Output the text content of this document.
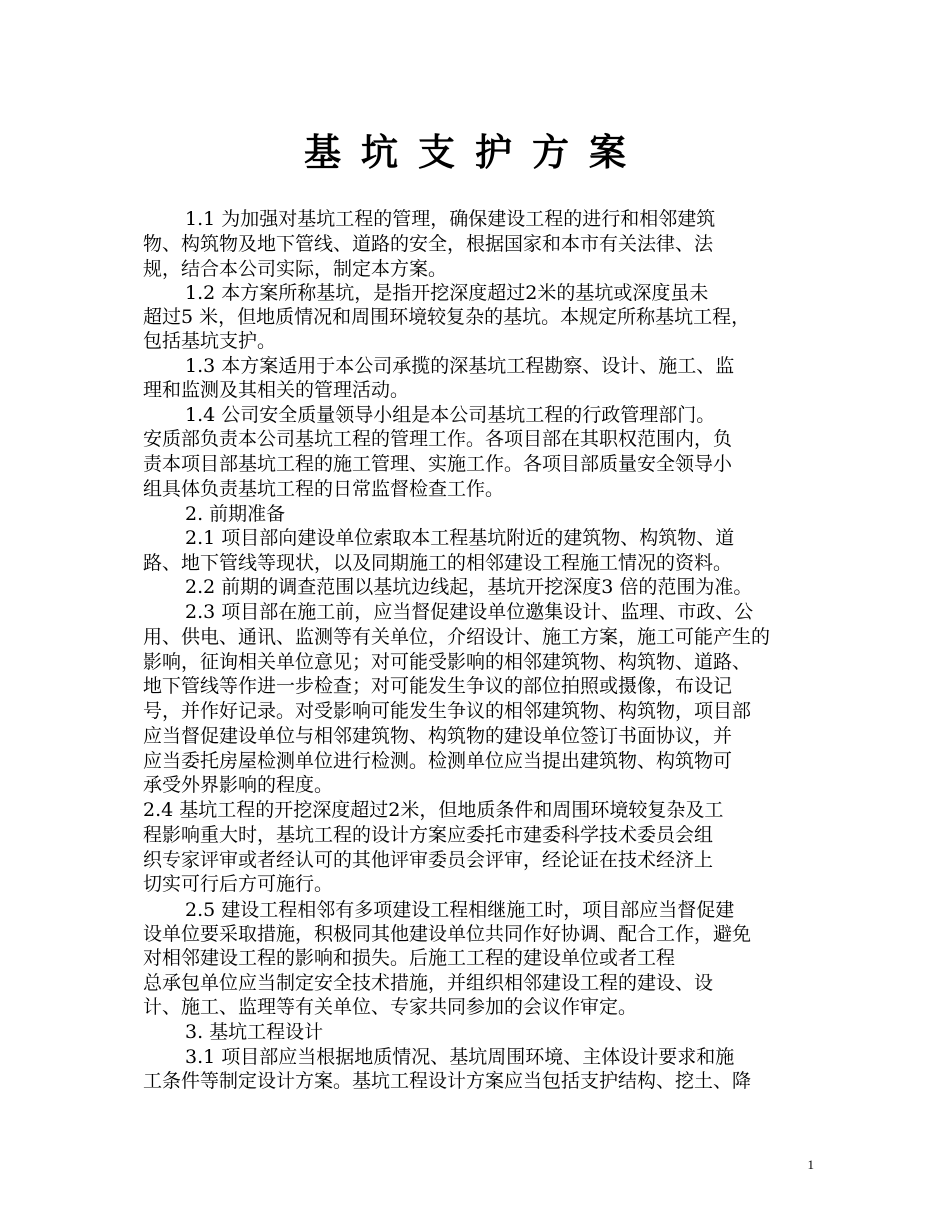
基坑支护方案
1.1 为加强对基坑工程的管理，确保建设工程的进行和相邻建筑
物、构筑物及地下管线、道路的安全，根据国家和本市有关法律、法
规，结合本公司实际，制定本方案。
1.2 本方案所称基坑，是指开挖深度超过2米的基坑或深度虽未
超过5 米，但地质情况和周围环境较复杂的基坑。本规定所称基坑工程，
包括基坑支护。
1.3 本方案适用于本公司承揽的深基坑工程勘察、设计、施工、监
理和监测及其相关的管理活动。
1.4 公司安全质量领导小组是本公司基坑工程的行政管理部门。
安质部负责本公司基坑工程的管理工作。各项目部在其职权范围内，负
责本项目部基坑工程的施工管理、实施工作。各项目部质量安全领导小
组具体负责基坑工程的日常监督检查工作。
2. 前期准备
2.1 项目部向建设单位索取本工程基坑附近的建筑物、构筑物、道
路、地下管线等现状，以及同期施工的相邻建设工程施工情况的资料。
2.2 前期的调查范围以基坑边线起，基坑开挖深度3 倍的范围为准。
2.3 项目部在施工前，应当督促建设单位邀集设计、监理、市政、公
用、供电、通讯、监测等有关单位，介绍设计、施工方案，施工可能产生的
影响，征询相关单位意见；对可能受影响的相邻建筑物、构筑物、道路、
地下管线等作进一步检查；对可能发生争议的部位拍照或摄像，布设记
号，并作好记录。对受影响可能发生争议的相邻建筑物、构筑物，项目部
应当督促建设单位与相邻建筑物、构筑物的建设单位签订书面协议，并
应当委托房屋检测单位进行检测。检测单位应当提出建筑物、构筑物可
承受外界影响的程度。
2.4 基坑工程的开挖深度超过2米，但地质条件和周围环境较复杂及工
程影响重大时，基坑工程的设计方案应委托市建委科学技术委员会组
织专家评审或者经认可的其他评审委员会评审，经论证在技术经济上
切实可行后方可施行。
2.5 建设工程相邻有多项建设工程相继施工时，项目部应当督促建
设单位要采取措施，积极同其他建设单位共同作好协调、配合工作，避免
对相邻建设工程的影响和损失。后施工工程的建设单位或者工程
总承包单位应当制定安全技术措施，并组织相邻建设工程的建设、设
计、施工、监理等有关单位、专家共同参加的会议作审定。
3. 基坑工程设计
3.1 项目部应当根据地质情况、基坑周围环境、主体设计要求和施
工条件等制定设计方案。基坑工程设计方案应当包括支护结构、挖土、降
1
